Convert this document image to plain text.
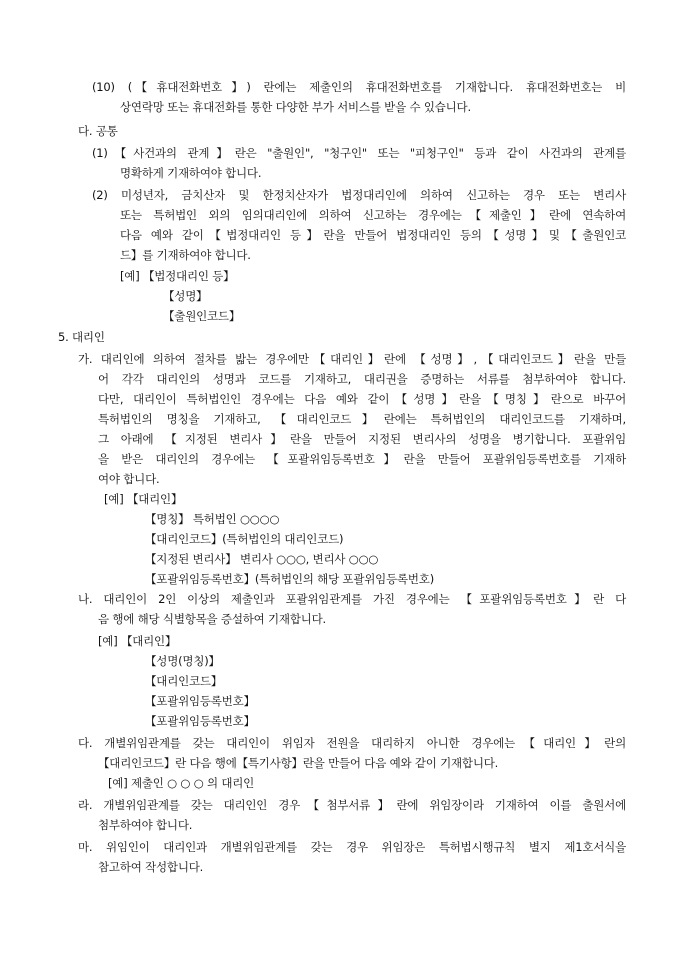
(10) (【휴대전화번호】) 란에는 제출인의 휴대전화번호를 기재합니다. 휴대전화번호는 비
상연락망 또는 휴대전화를 통한 다양한 부가 서비스를 받을 수 있습니다.
다. 공통
(1)【사건과의 관계】란은 "출원인", "청구인" 또는 "피청구인" 등과 같이 사건과의 관계를
명확하게 기재하여야 합니다.
(2) 미성년자, 금치산자 및 한정치산자가 법정대리인에 의하여 신고하는 경우 또는 변리사
또는 특허법인 외의 임의대리인에 의하여 신고하는 경우에는【제출인】란에 연속하여
다음 예와 같이【법정대리인 등】란을 만들어 법정대리인 등의【성명】및【출원인코
드】를 기재하여야 합니다.
[예] 【법정대리인 등】
【성명】
【출원인코드】
5. 대리인
가. 대리인에 의하여 절차를 밟는 경우에만【대리인】란에 【성명】,【대리인코드】란을 만들
어 각각 대리인의 성명과 코드를 기재하고, 대리권을 증명하는 서류를 첨부하여야 합니다.
다만, 대리인이 특허법인인 경우에는 다음 예와 같이【성명】란을【명칭】란으로 바꾸어
특허법인의 명칭을 기재하고, 【대리인코드】란에는 특허법인의 대리인코드를 기재하며,
그 아래에 【지정된 변리사】란을 만들어 지정된 변리사의 성명을 병기합니다. 포괄위임
을 받은 대리인의 경우에는 【포괄위임등록번호】란을 만들어 포괄위임등록번호를 기재하
여야 합니다.
[예] 【대리인】
【명칭】 특허법인 ○○○○
【대리인코드】(특허법인의 대리인코드)
【지정된 변리사】 변리사 ○○○, 변리사 ○○○
【포괄위임등록번호】(특허법인의 해당 포괄위임등록번호)
나. 대리인이 2인 이상의 제출인과 포괄위임관계를 가진 경우에는 【포괄위임등록번호】란 다
음 행에 해당 식별항목을 증설하여 기재합니다.
[예] 【대리인】
【성명(명칭)】
【대리인코드】
【포괄위임등록번호】
【포괄위임등록번호】
다. 개별위임관계를 갖는 대리인이 위임자 전원을 대리하지 아니한 경우에는【대리인】란의
【대리인코드】란 다음 행에【특기사항】란을 만들어 다음 예와 같이 기재합니다.
[예] 제출인 ○ ○ ○ 의 대리인
라. 개별위임관계를 갖는 대리인인 경우【첨부서류】란에 위임장이라 기재하여 이를 출원서에
첨부하여야 합니다.
마. 위임인이 대리인과 개별위임관계를 갖는 경우 위임장은 특허법시행규칙 별지 제1호서식을
참고하여 작성합니다.
